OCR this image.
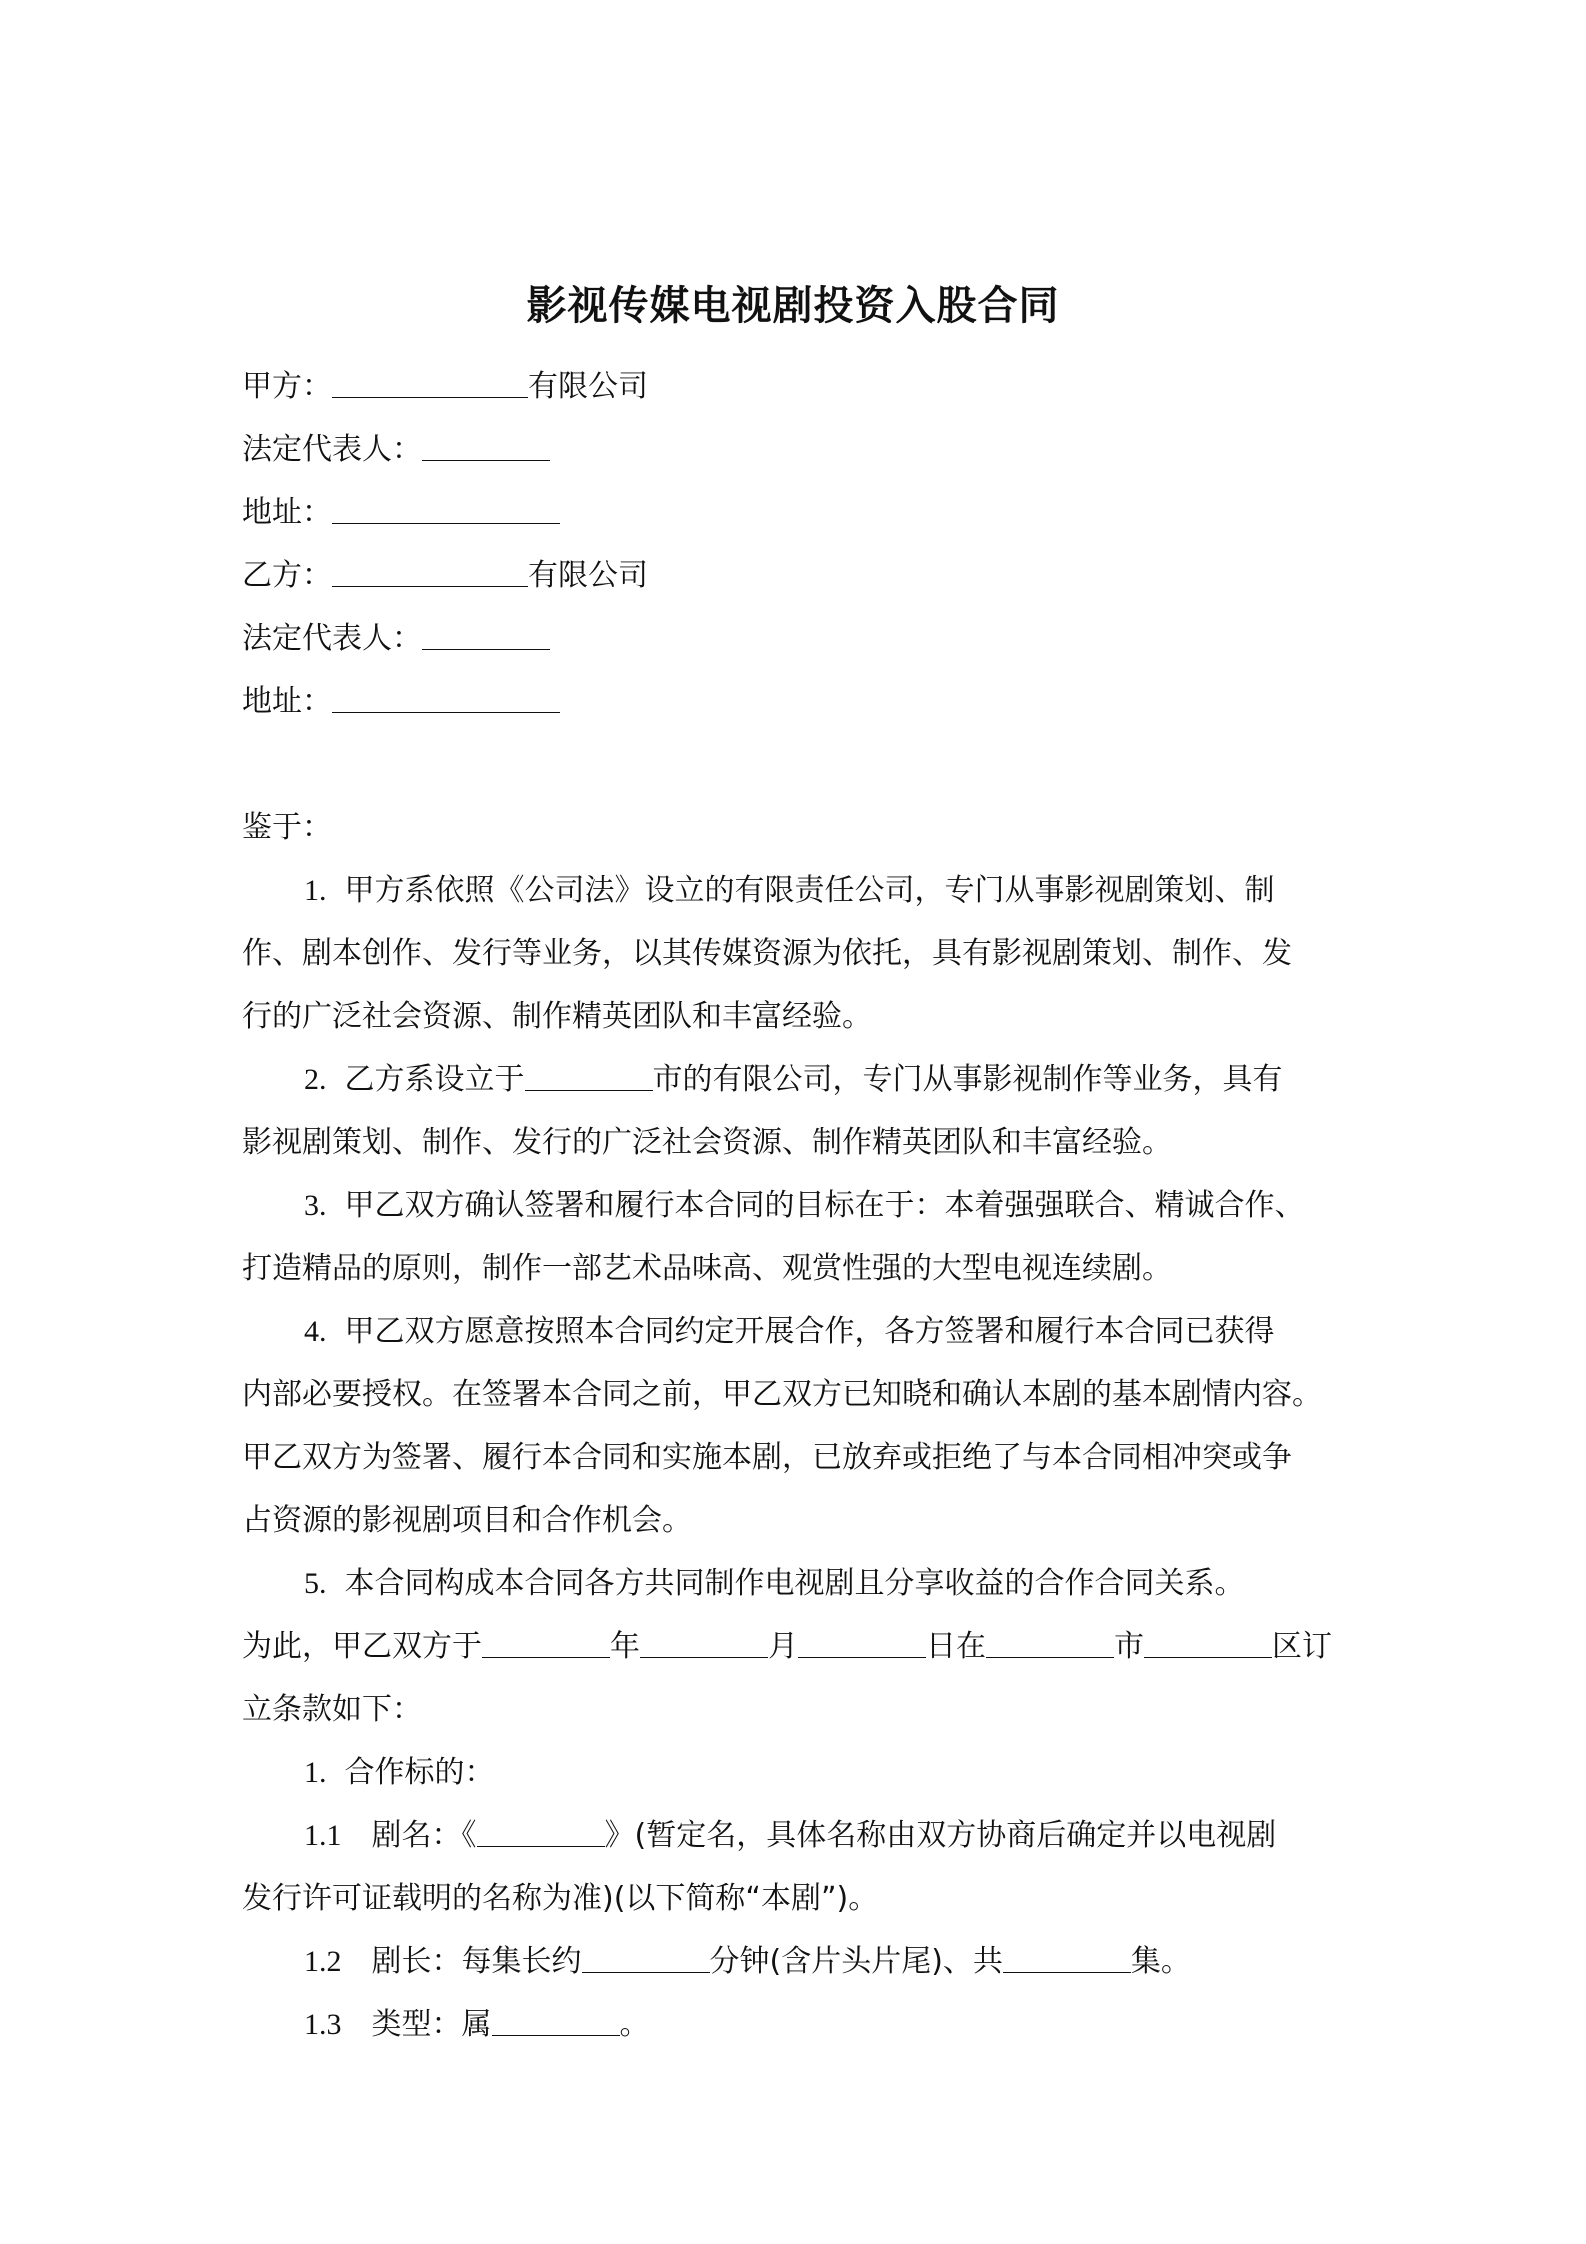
影视传媒电视剧投资入股合同
甲方：	有限公司
法定代表人：
地址：
乙方：	有限公司
法定代表人：
地址：
鉴于：
1. 甲方系依照《公司法》设立的有限责任公司，专门从事影视剧策划、制
作、剧本创作、发行等业务，以其传媒资源为依托，具有影视剧策划、制作、发
行的广泛社会资源、制作精英团队和丰富经验。
2. 乙方系设立于	市的有限公司，专门从事影视制作等业务，具有
影视剧策划、制作、发行的广泛社会资源、制作精英团队和丰富经验。
3. 甲乙双方确认签署和履行本合同的目标在于：本着强强联合、精诚合作、
打造精品的原则，制作一部艺术品味高、观赏性强的大型电视连续剧。
4. 甲乙双方愿意按照本合同约定开展合作，各方签署和履行本合同已获得
内部必要授权。在签署本合同之前，甲乙双方已知晓和确认本剧的基本剧情内容。
甲乙双方为签署、履行本合同和实施本剧，已放弃或拒绝了与本合同相冲突或争
占资源的影视剧项目和合作机会。
5. 本合同构成本合同各方共同制作电视剧且分享收益的合作合同关系。
为此，甲乙双方于	年	月	日在	市	区订
立条款如下：
1. 合作标的：
1.1 剧名：《	》(暂定名，具体名称由双方协商后确定并以电视剧
发行许可证载明的名称为准)(以下简称“本剧”)。
1.2 剧长：每集长约	分钟(含片头片尾)、共	集。
1.3 类型：属	。
